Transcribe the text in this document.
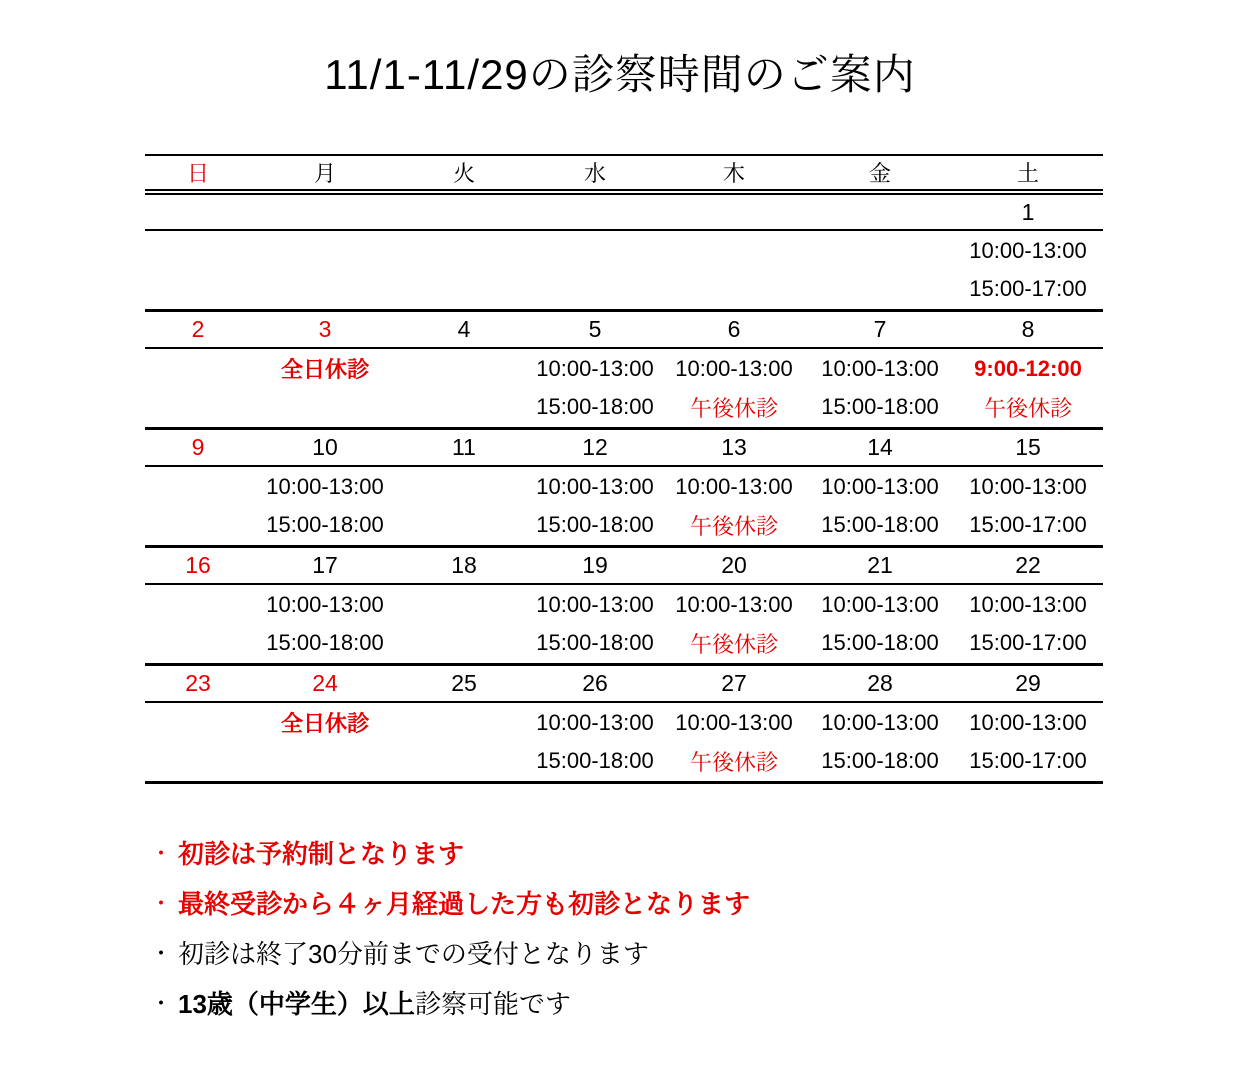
11/1-11/29の診察時間のご案内
日	月	火	水	木	金	土
						1
						10:00-13:00
						15:00-17:00
2	3	4	5	6	7	8
	全日休診		10:00-13:00	10:00-13:00	10:00-13:00	9:00-12:00
			15:00-18:00	午後休診	15:00-18:00	午後休診
9	10	11	12	13	14	15
	10:00-13:00		10:00-13:00	10:00-13:00	10:00-13:00	10:00-13:00
	15:00-18:00		15:00-18:00	午後休診	15:00-18:00	15:00-17:00
16	17	18	19	20	21	22
	10:00-13:00		10:00-13:00	10:00-13:00	10:00-13:00	10:00-13:00
	15:00-18:00		15:00-18:00	午後休診	15:00-18:00	15:00-17:00
23	24	25	26	27	28	29
	全日休診		10:00-13:00	10:00-13:00	10:00-13:00	10:00-13:00
			15:00-18:00	午後休診	15:00-18:00	15:00-17:00
・ 初診は予約制となります
・ 最終受診から４ヶ月経過した方も初診となります
・ 初診は終了30分前までの受付となります
・ 13歳（中学生）以上 診察可能です
